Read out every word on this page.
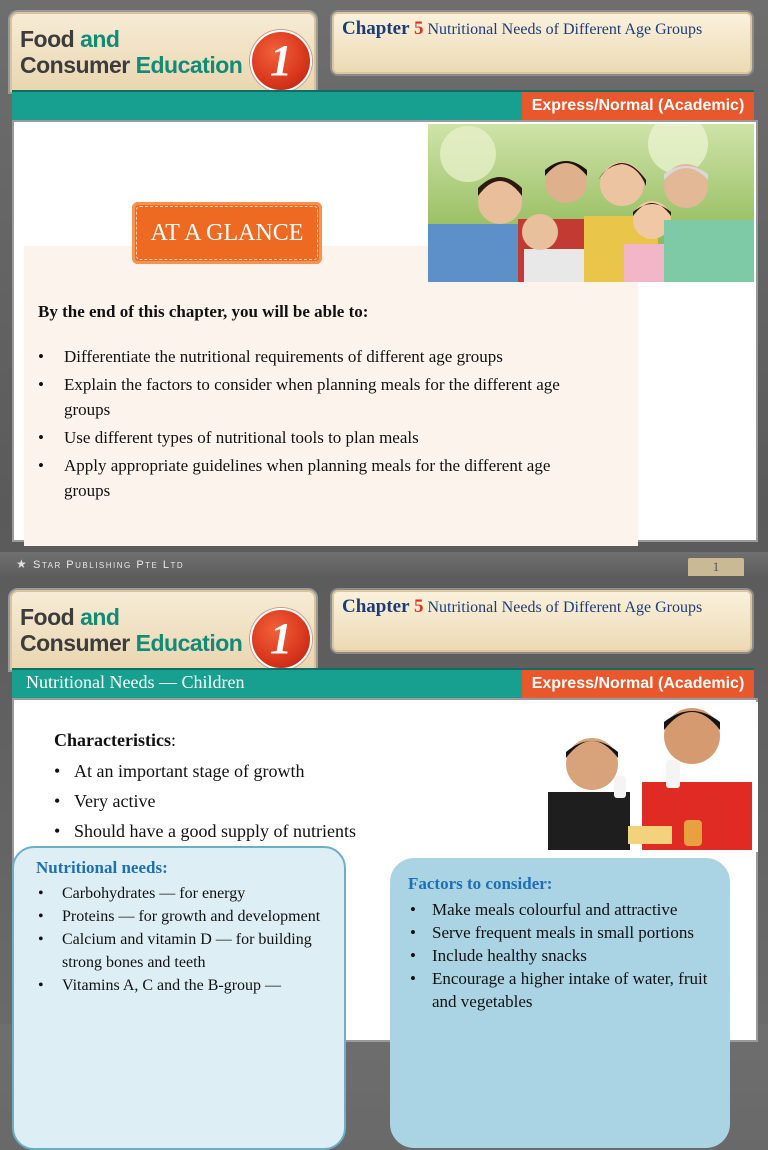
Food and
Consumer Education 1
Chapter 5 Nutritional Needs of Different Age Groups
Express/Normal (Academic)
AT A GLANCE
By the end of this chapter, you will be able to:
• Differentiate the nutritional requirements of different age groups
• Explain the factors to consider when planning meals for the different age groups
• Use different types of nutritional tools to plan meals
• Apply appropriate guidelines when planning meals for the different age groups
★ Star Publishing Pte Ltd	1
Food and
Consumer Education 1
Chapter 5 Nutritional Needs of Different Age Groups
Nutritional Needs — Children	Express/Normal (Academic)
Characteristics:
• At an important stage of growth
• Very active
• Should have a good supply of nutrients
Nutritional needs:
• Carbohydrates — for energy
• Proteins — for growth and development
• Calcium and vitamin D — for building strong bones and teeth
• Vitamins A, C and the B-group —
Factors to consider:
• Make meals colourful and attractive
• Serve frequent meals in small portions
• Include healthy snacks
• Encourage a higher intake of water, fruit and vegetables
